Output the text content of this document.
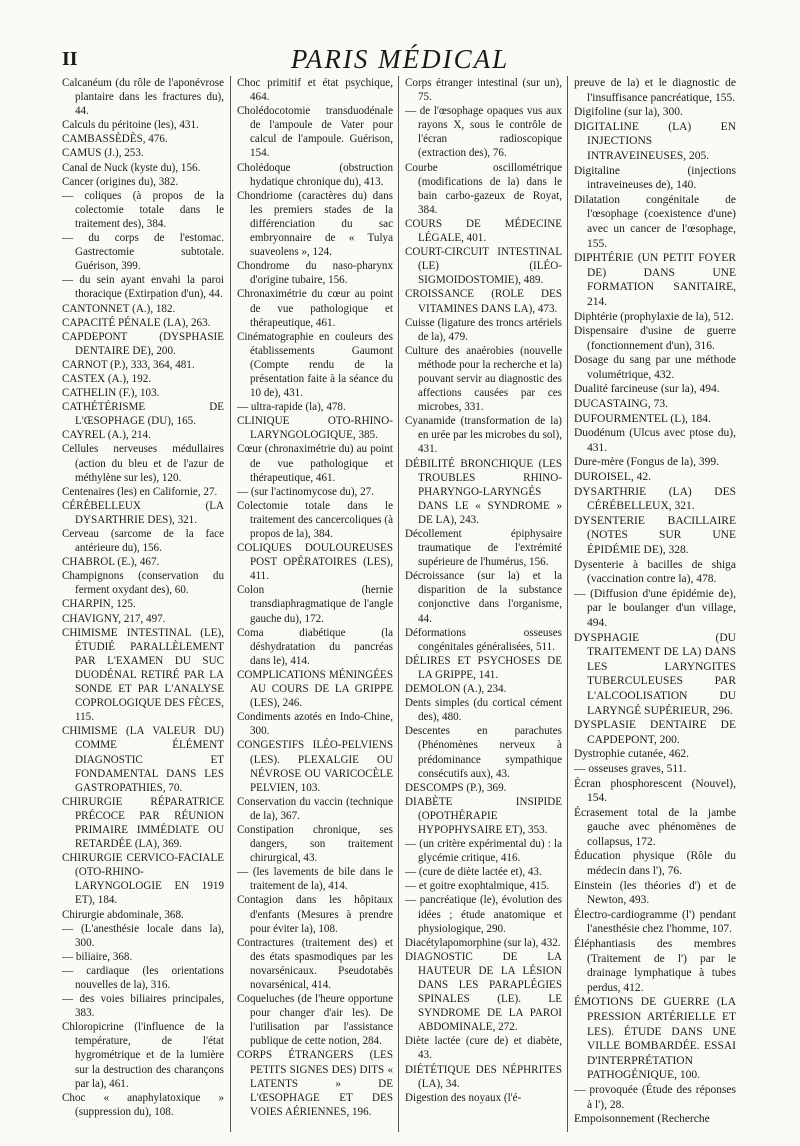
II	PARIS MÉDICAL

Calcanéum (du rôle de l'aponévrose plantaire dans les fractures du), 44.

Calculs du péritoine (les), 431.

CAMBASSÈDÈS, 476.

CAMUS (J.), 253.

Canal de Nuck (kyste du), 156.

Cancer (origines du), 382.

— coliques (à propos de la colectomie totale dans le traitement des), 384.

— du corps de l'estomac. Gastrectomie subtotale. Guérison, 399.

— du sein ayant envahi la paroi thoracique (Extirpation d'un), 44.

CANTONNET (A.), 182.

CAPACITÉ PÉNALE (LA), 263.

CAPDEPONT (DYSPHASIE DENTAIRE DE), 200.

CARNOT (P.), 333, 364, 481.

CASTEX (A.), 192.

CATHELIN (F.), 103.

CATHÉTÉRISME DE L'ŒSOPHAGE (DU), 165.

CAYREL (A.), 214.

Cellules nerveuses médullaires (action du bleu et de l'azur de méthylène sur les), 120.

Centenaires (les) en Californie, 27.

CÉRÉBELLEUX (LA DYSARTHRIE DES), 321.

Cerveau (sarcome de la face antérieure du), 156.

CHABROL (E.), 467.

Champignons (conservation du ferment oxydant des), 60.

CHARPIN, 125.

CHAVIGNY, 217, 497.

CHIMISME INTESTINAL (LE), ÉTUDIÉ PARALLÈLEMENT PAR L'EXAMEN DU SUC DUODÉNAL RETIRÉ PAR LA SONDE ET PAR L'ANALYSE COPROLOGIQUE DES FÈCES, 115.

CHIMISME (LA VALEUR DU) COMME ÉLÉMENT DIAGNOSTIC ET FONDAMENTAL DANS LES GASTROPATHIES, 70.

CHIRURGIE RÉPARATRICE PRÉCOCE PAR RÉUNION PRIMAIRE IMMÉDIATE OU RETARDÉE (LA), 369.

CHIRURGIE CERVICO-FACIALE (OTO-RHINO-LARYNGOLOGIE EN 1919 ET), 184.

Chirurgie abdominale, 368.

— (L'anesthésie locale dans la), 300.

— biliaire, 368.

— cardiaque (les orientations nouvelles de la), 316.

— des voies biliaires principales, 383.

Chloropicrine (l'influence de la température, de l'état hygrométrique et de la lumière sur la destruction des charançons par la), 461.

Choc « anaphylatoxique » (suppression du), 108.

Choc primitif et état psychique, 464.

Cholédocotomie transduodénale de l'ampoule de Vater pour calcul de l'ampoule. Guérison, 154.

Cholédoque (obstruction hydatique chronique du), 413.

Chondriome (caractères du) dans les premiers stades de la différenciation du sac embryonnaire de « Tulya suaveolens », 124.

Chondrome du naso-pharynx d'origine tubaire, 156.

Chronaximétrie du cœur au point de vue pathologique et thérapeutique, 461.

Cinématographie en couleurs des établissements Gaumont (Compte rendu de la présentation faite à la séance du 10 de), 431.

— ultra-rapide (la), 478.

CLINIQUE OTO-RHINO-LARYNGOLOGIQUE, 385.

Cœur (chronaximétrie du) au point de vue pathologique et thérapeutique, 461.

— (sur l'actinomycose du), 27.

Colectomie totale dans le traitement des cancercoliques (à propos de la), 384.

COLIQUES DOULOUREUSES POST OPÉRATOIRES (LES), 411.

Colon (hernie transdiaphragmatique de l'angle gauche du), 172.

Coma diabétique (la déshydratation du pancréas dans le), 414.

COMPLICATIONS MÉNINGÉES AU COURS DE LA GRIPPE (LES), 246.

Condiments azotés en Indo-Chine, 300.

CONGESTIFS ILÉO-PELVIENS (LES). PLEXALGIE OU NÉVROSE OU VARICOCÈLE PELVIEN, 103.

Conservation du vaccin (technique de la), 367.

Constipation chronique, ses dangers, son traitement chirurgical, 43.

— (les lavements de bile dans le traitement de la), 414.

Contagion dans les hôpitaux d'enfants (Mesures à prendre pour éviter la), 108.

Contractures (traitement des) et des états spasmodiques par les novarsénicaux. Pseudotabès novarsénical, 414.

Coqueluches (de l'heure opportune pour changer d'air les). De l'utilisation par l'assistance publique de cette notion, 284.

CORPS ÉTRANGERS (LES PETITS SIGNES DES) DITS « LATENTS » DE L'ŒSOPHAGE ET DES VOIES AÉRIENNES, 196.

Corps étranger intestinal (sur un), 75.

— de l'œsophage opaques vus aux rayons X, sous le contrôle de l'écran radioscopique (extraction des), 76.

Courbe oscillométrique (modifications de la) dans le bain carbo-gazeux de Royat, 384.

COURS DE MÉDECINE LÉGALE, 401.

COURT-CIRCUIT INTESTINAL (LE) (ILÉO-SIGMOIDOSTOMIE), 489.

CROISSANCE (ROLE DES VITAMINES DANS LA), 473.

Cuisse (ligature des troncs artériels de la), 479.

Culture des anaérobies (nouvelle méthode pour la recherche et la) pouvant servir au diagnostic des affections causées par ces microbes, 331.

Cyanamide (transformation de la) en urée par les microbes du sol), 431.

DÉBILITÉ BRONCHIQUE (LES TROUBLES RHINO-PHARYNGO-LARYNGÉS DANS LE « SYNDROME » DE LA), 243.

Décollement épiphysaire traumatique de l'extrémité supérieure de l'humérus, 156.

Décroissance (sur la) et la disparition de la substance conjonctive dans l'organisme, 44.

Déformations osseuses congénitales généralisées, 511.

DÉLIRES ET PSYCHOSES DE LA GRIPPE, 141.

DEMOLON (A.), 234.

Dents simples (du cortical cément des), 480.

Descentes en parachutes (Phénomènes nerveux à prédominance sympathique consécutifs aux), 43.

DESCOMPS (P.), 369.

DIABÈTE INSIPIDE (OPOTHÉRAPIE HYPOPHYSAIRE ET), 353.

— (un critère expérimental du) : la glycémie critique, 416.

— (cure de diète lactée et), 43.

— et goitre exophtalmique, 415.

— pancréatique (le), évolution des idées ; étude anatomique et physiologique, 290.

Diacétylapomorphine (sur la), 432.

DIAGNOSTIC DE LA HAUTEUR DE LA LÉSION DANS LES PARAPLÉGIES SPINALES (LE). LE SYNDROME DE LA PAROI ABDOMINALE, 272.

Diète lactée (cure de) et diabète, 43.

DIÉTÉTIQUE DES NÉPHRITES (LA), 34.

Digestion des noyaux (l'é-

preuve de la) et le diagnostic de l'insuffisance pancréatique, 155.

Digifoline (sur la), 300.

DIGITALINE (LA) EN INJECTIONS INTRAVEINEUSES, 205.

Digitaline (injections intraveineuses de), 140.

Dilatation congénitale de l'œsophage (coexistence d'une) avec un cancer de l'œsophage, 155.

DIPHTÉRIE (UN PETIT FOYER DE) DANS UNE FORMATION SANITAIRE, 214.

Diphtérie (prophylaxie de la), 512.

Dispensaire d'usine de guerre (fonctionnement d'un), 316.

Dosage du sang par une méthode volumétrique, 432.

Dualité farcineuse (sur la), 494.

DUCASTAING, 73.

DUFOURMENTEL (L), 184.

Duodénum (Ulcus avec ptose du), 431.

Dure-mère (Fongus de la), 399.

DUROISEL, 42.

DYSARTHRIE (LA) DES CÉRÉBELLEUX, 321.

DYSENTERIE BACILLAIRE (NOTES SUR UNE ÉPIDÉMIE DE), 328.

Dysenterie à bacilles de shiga (vaccination contre la), 478.

— (Diffusion d'une épidémie de), par le boulanger d'un village, 494.

DYSPHAGIE (DU TRAITEMENT DE LA) DANS LES LARYNGITES TUBERCULEUSES PAR L'ALCOOLISATION DU LARYNGÉ SUPÉRIEUR, 296.

DYSPLASIE DENTAIRE DE CAPDEPONT, 200.

Dystrophie cutanée, 462.

— osseuses graves, 511.

Écran phosphorescent (Nouvel), 154.

Écrasement total de la jambe gauche avec phénomènes de collapsus, 172.

Éducation physique (Rôle du médecin dans l'), 76.

Einstein (les théories d') et de Newton, 493.

Électro-cardiogramme (l') pendant l'anesthésie chez l'homme, 107.

Éléphantiasis des membres (Traitement de l') par le drainage lymphatique à tubes perdus, 412.

ÉMOTIONS DE GUERRE (LA PRESSION ARTÉRIELLE ET LES). ÉTUDE DANS UNE VILLE BOMBARDÉE. ESSAI D'INTERPRÉTATION PATHOGÉNIQUE, 100.

— provoquée (Étude des réponses à l'), 28.

Empoisonnement (Recherche
